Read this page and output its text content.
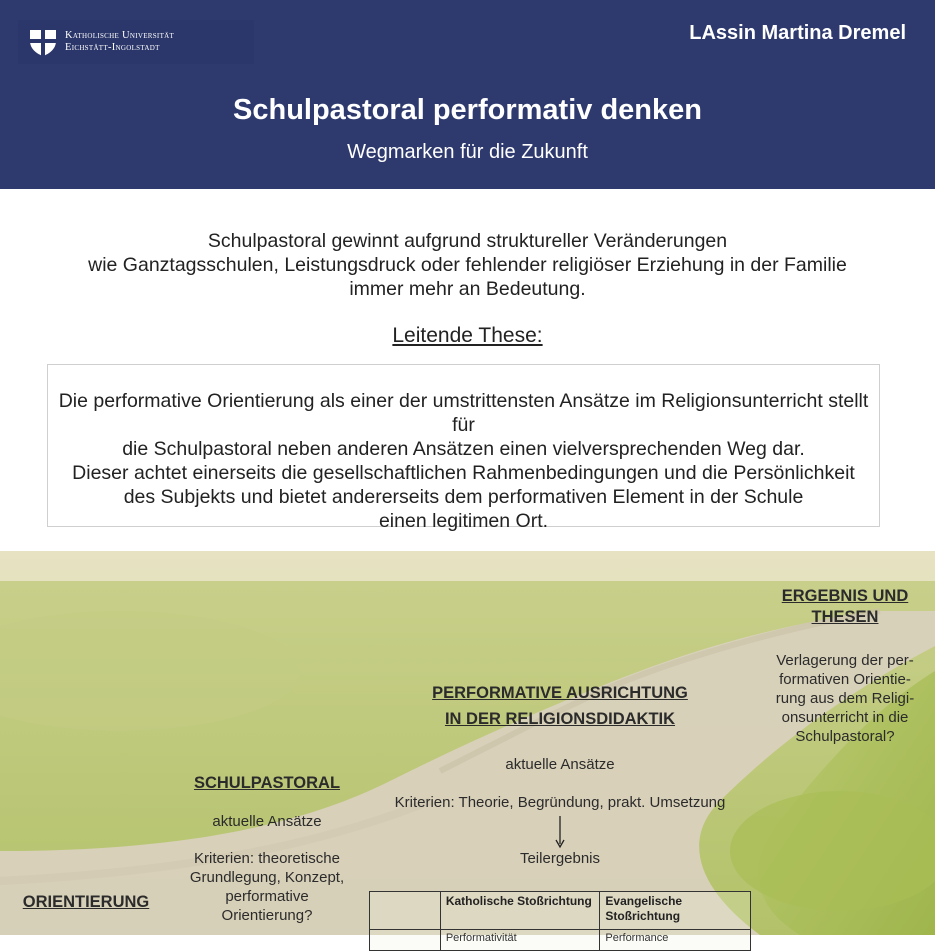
Katholische Universität
Eichstätt-Ingolstadt
LAssin Martina Dremel
Schulpastoral performativ denken
Wegmarken für die Zukunft
Schulpastoral gewinnt aufgrund struktureller Veränderungen
wie Ganztagsschulen, Leistungsdruck oder fehlender religiöser Erziehung in der Familie
immer mehr an Bedeutung.
Leitende These:
Die performative Orientierung als einer der umstrittensten Ansätze im Religionsunterricht stellt für
die Schulpastoral neben anderen Ansätzen einen vielversprechenden Weg dar.
Dieser achtet einerseits die gesellschaftlichen Rahmenbedingungen und die Persönlichkeit
des Subjekts und bietet andererseits dem performativen Element in der Schule
einen legitimen Ort.
ERGEBNIS UND
THESEN
Verlagerung der per-
formativen Orientie-
rung aus dem Religi-
onsunterricht in die
Schulpastoral?
PERFORMATIVE AUSRICHTUNG
IN DER RELIGIONSDIDAKTIK
aktuelle Ansätze
Kriterien: Theorie, Begründung, prakt. Umsetzung
Teilergebnis
SCHULPASTORAL
aktuelle Ansätze
Kriterien: theoretische
Grundlegung, Konzept,
performative
Orientierung?
ORIENTIERUNG	Katholische Stoßrichtung
Performativität
Evangelische Stoßrichtung
Performance
